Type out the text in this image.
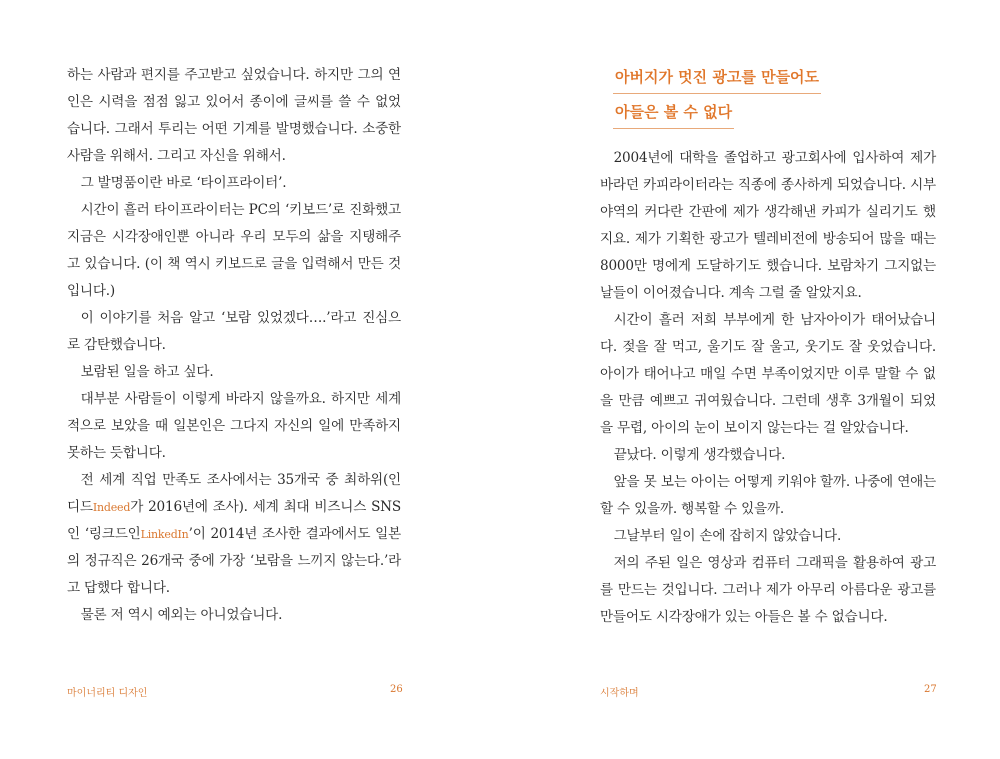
하는 사람과 편지를 주고받고 싶었습니다. 하지만 그의 연인은 시력을 점점 잃고 있어서 종이에 글씨를 쓸 수 없었습니다. 그래서 투리는 어떤 기계를 발명했습니다. 소중한 사람을 위해서. 그리고 자신을 위해서.

그 발명품이란 바로 ‘타이프라이터’.

시간이 흘러 타이프라이터는 PC의 ‘키보드’로 진화했고 지금은 시각장애인뿐 아니라 우리 모두의 삶을 지탱해주고 있습니다. (이 책 역시 키보드로 글을 입력해서 만든 것입니다.)

이 이야기를 처음 알고 ‘보람 있었겠다….’라고 진심으로 감탄했습니다.

보람된 일을 하고 싶다.

대부분 사람들이 이렇게 바라지 않을까요. 하지만 세계적으로 보았을 때 일본인은 그다지 자신의 일에 만족하지 못하는 듯합니다.

전 세계 직업 만족도 조사에서는 35개국 중 최하위(인디드Indeed가 2016년에 조사). 세계 최대 비즈니스 SNS인 ‘링크드인LinkedIn’이 2014년 조사한 결과에서도 일본의 정규직은 26개국 중에 가장 ‘보람을 느끼지 않는다.’라고 답했다 합니다.

물론 저 역시 예외는 아니었습니다.

마이너리티 디자인	26
아버지가 멋진 광고를 만들어도
아들은 볼 수 없다

2004년에 대학을 졸업하고 광고회사에 입사하여 제가 바라던 카피라이터라는 직종에 종사하게 되었습니다. 시부야역의 커다란 간판에 제가 생각해낸 카피가 실리기도 했지요. 제가 기획한 광고가 텔레비전에 방송되어 많을 때는 8000만 명에게 도달하기도 했습니다. 보람차기 그지없는 날들이 이어졌습니다. 계속 그럴 줄 알았지요.

시간이 흘러 저희 부부에게 한 남자아이가 태어났습니다. 젖을 잘 먹고, 울기도 잘 울고, 웃기도 잘 웃었습니다. 아이가 태어나고 매일 수면 부족이었지만 이루 말할 수 없을 만큼 예쁘고 귀여웠습니다. 그런데 생후 3개월이 되었을 무렵, 아이의 눈이 보이지 않는다는 걸 알았습니다.

끝났다. 이렇게 생각했습니다.

앞을 못 보는 아이는 어떻게 키워야 할까. 나중에 연애는 할 수 있을까. 행복할 수 있을까.

그날부터 일이 손에 잡히지 않았습니다.

저의 주된 일은 영상과 컴퓨터 그래픽을 활용하여 광고를 만드는 것입니다. 그러나 제가 아무리 아름다운 광고를 만들어도 시각장애가 있는 아들은 볼 수 없습니다.

시작하며	27
